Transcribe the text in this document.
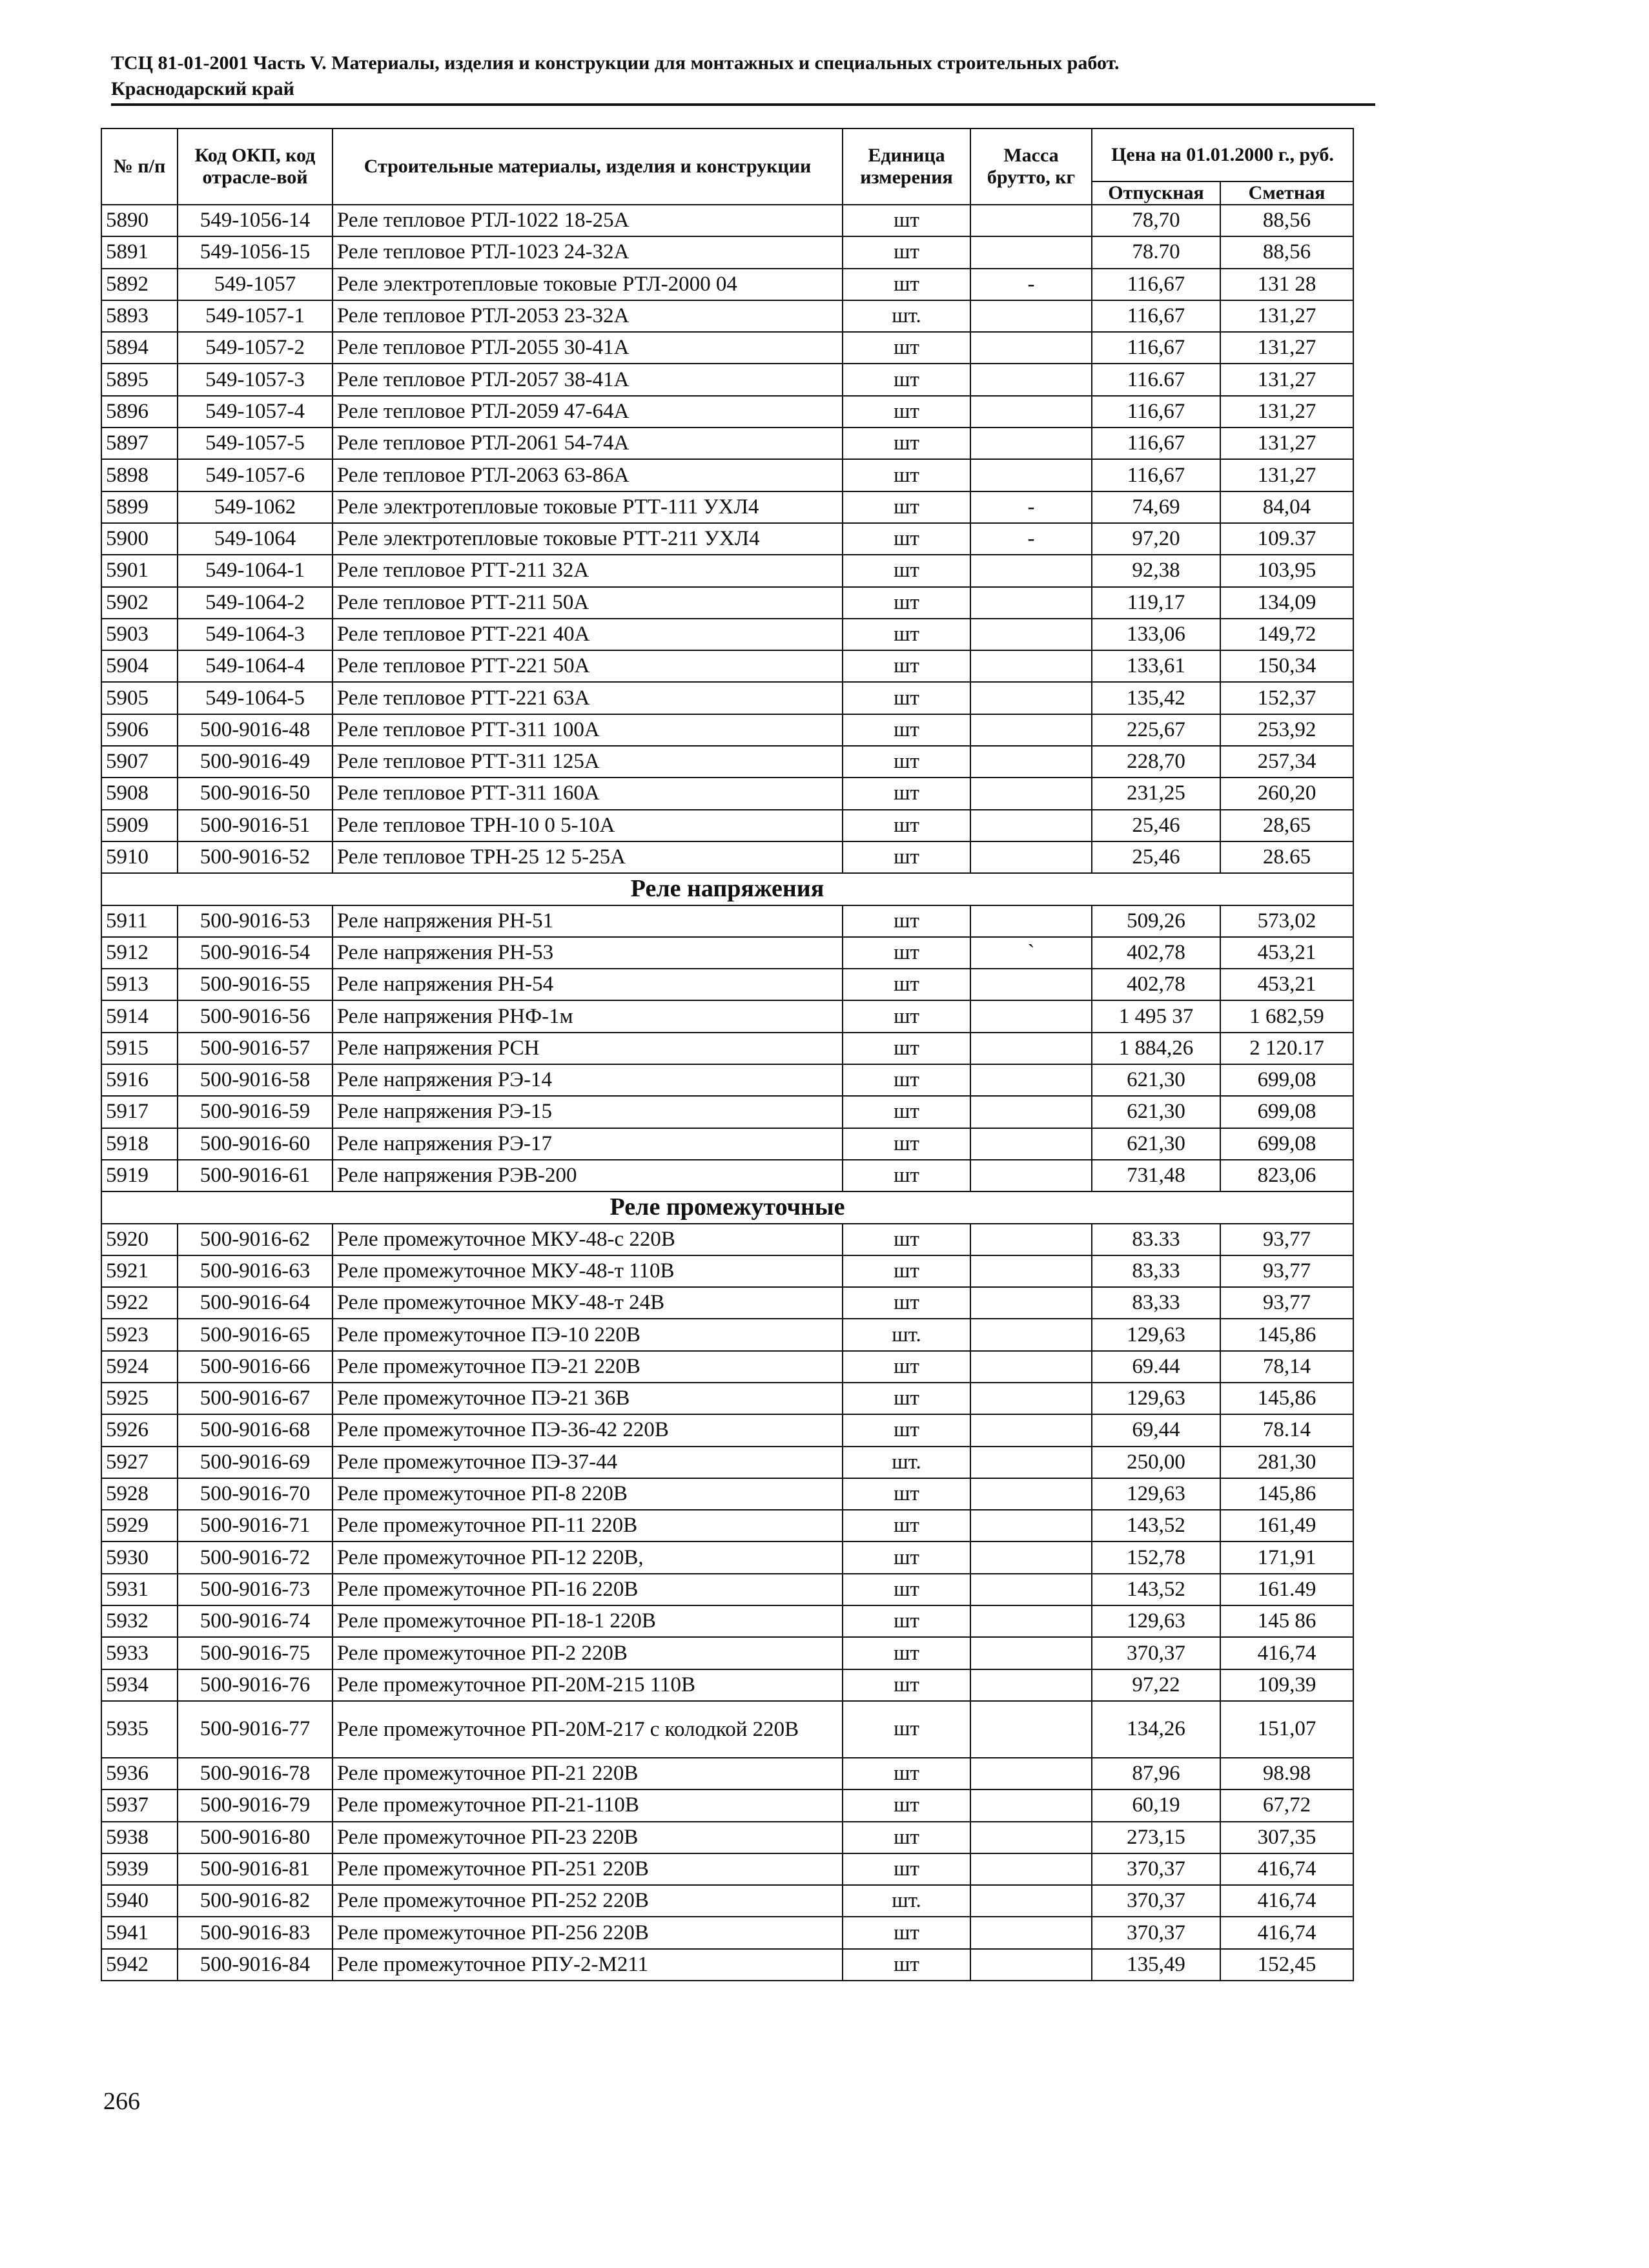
ТСЦ 81-01-2001 Часть V. Материалы, изделия и конструкции для монтажных и специальных строительных работ.
Краснодарский край
№ п/п	Код ОКП, код отрасле-вой	Строительные материалы, изделия и конструкции	Единица измерения	Масса брутто, кг	Цена на 01.01.2000 г., руб.	
					Отпускная	Сметная
5890	549-1056-14	Реле тепловое РТЛ-1022 18-25А	шт		78,70	88,56
5891	549-1056-15	Реле тепловое РТЛ-1023 24-32А	шт		78.70	88,56
5892	549-1057	Реле электротепловые токовые РТЛ-2000 04	шт	-	116,67	131 28
5893	549-1057-1	Реле тепловое РТЛ-2053 23-32А	шт.		116,67	131,27
5894	549-1057-2	Реле тепловое РТЛ-2055 30-41А	шт		116,67	131,27
5895	549-1057-3	Реле тепловое РТЛ-2057 38-41А	шт		116.67	131,27
5896	549-1057-4	Реле тепловое РТЛ-2059 47-64А	шт		116,67	131,27
5897	549-1057-5	Реле тепловое РТЛ-2061 54-74А	шт		116,67	131,27
5898	549-1057-6	Реле тепловое РТЛ-2063 63-86А	шт		116,67	131,27
5899	549-1062	Реле электротепловые токовые РТТ-111 УХЛ4	шт	-	74,69	84,04
5900	549-1064	Реле электротепловые токовые РТТ-211 УХЛ4	шт	-	97,20	109.37
5901	549-1064-1	Реле тепловое РТТ-211 32А	шт		92,38	103,95
5902	549-1064-2	Реле тепловое РТТ-211 50А	шт		119,17	134,09
5903	549-1064-3	Реле тепловое РТТ-221 40А	шт		133,06	149,72
5904	549-1064-4	Реле тепловое РТТ-221 50А	шт		133,61	150,34
5905	549-1064-5	Реле тепловое РТТ-221 63А	шт		135,42	152,37
5906	500-9016-48	Реле тепловое РТТ-311 100А	шт		225,67	253,92
5907	500-9016-49	Реле тепловое РТТ-311 125А	шт		228,70	257,34
5908	500-9016-50	Реле тепловое РТТ-311 160А	шт		231,25	260,20
5909	500-9016-51	Реле тепловое ТРН-10 0 5-10А	шт		25,46	28,65
5910	500-9016-52	Реле тепловое ТРН-25 12 5-25А	шт		25,46	28.65
Реле напряжения						
5911	500-9016-53	Реле напряжения РН-51	шт		509,26	573,02
5912	500-9016-54	Реле напряжения РН-53	шт	`	402,78	453,21
5913	500-9016-55	Реле напряжения РН-54	шт		402,78	453,21
5914	500-9016-56	Реле напряжения РНФ-1м	шт		1 495 37	1 682,59
5915	500-9016-57	Реле напряжения РСН	шт		1 884,26	2 120.17
5916	500-9016-58	Реле напряжения РЭ-14	шт		621,30	699,08
5917	500-9016-59	Реле напряжения РЭ-15	шт		621,30	699,08
5918	500-9016-60	Реле напряжения РЭ-17	шт		621,30	699,08
5919	500-9016-61	Реле напряжения РЭВ-200	шт		731,48	823,06
Реле промежуточные						
5920	500-9016-62	Реле промежуточное МКУ-48-с 220В	шт		83.33	93,77
5921	500-9016-63	Реле промежуточное МКУ-48-т 110В	шт		83,33	93,77
5922	500-9016-64	Реле промежуточное МКУ-48-т 24В	шт		83,33	93,77
5923	500-9016-65	Реле промежуточное ПЭ-10 220В	шт.		129,63	145,86
5924	500-9016-66	Реле промежуточное ПЭ-21 220В	шт		69.44	78,14
5925	500-9016-67	Реле промежуточное ПЭ-21 36В	шт		129,63	145,86
5926	500-9016-68	Реле промежуточное ПЭ-36-42 220В	шт		69,44	78.14
5927	500-9016-69	Реле промежуточное ПЭ-37-44	шт.		250,00	281,30
5928	500-9016-70	Реле промежуточное РП-8 220В	шт		129,63	145,86
5929	500-9016-71	Реле промежуточное РП-11 220В	шт		143,52	161,49
5930	500-9016-72	Реле промежуточное РП-12 220В,	шт		152,78	171,91
5931	500-9016-73	Реле промежуточное РП-16 220В	шт		143,52	161.49
5932	500-9016-74	Реле промежуточное РП-18-1 220В	шт		129,63	145 86
5933	500-9016-75	Реле промежуточное РП-2 220В	шт		370,37	416,74
5934	500-9016-76	Реле промежуточное РП-20М-215 110В	шт		97,22	109,39
5935	500-9016-77	Реле промежуточное РП-20М-217 с колодкой 220В	шт		134,26	151,07
5936	500-9016-78	Реле промежуточное РП-21 220В	шт		87,96	98.98
5937	500-9016-79	Реле промежуточное РП-21-110В	шт		60,19	67,72
5938	500-9016-80	Реле промежуточное РП-23 220В	шт		273,15	307,35
5939	500-9016-81	Реле промежуточное РП-251 220В	шт		370,37	416,74
5940	500-9016-82	Реле промежуточное РП-252 220В	шт.		370,37	416,74
5941	500-9016-83	Реле промежуточное РП-256 220В	шт		370,37	416,74
5942	500-9016-84	Реле промежуточное РПУ-2-М211	шт		135,49	152,45
266
